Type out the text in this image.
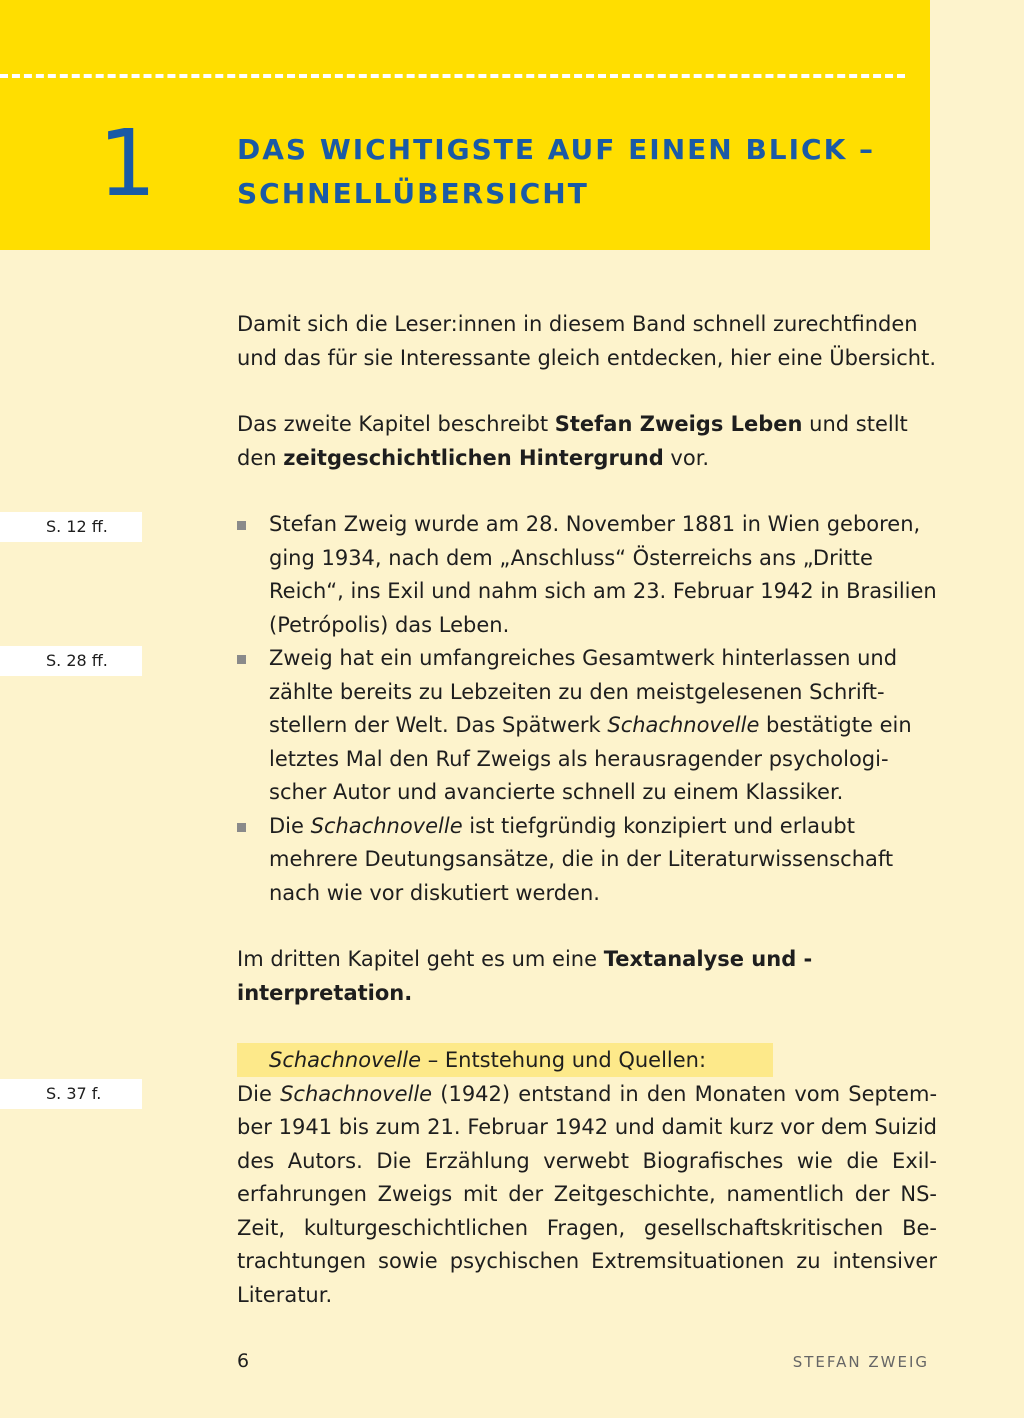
1	DAS WICHTIGSTE AUF EINEN BLICK –
SCHNELLÜBERSICHT
S. 12 ff.
S. 28 ff.
S. 37 f.

Damit sich die Leser:innen in diesem Band schnell zurechtfinden und das für sie Interessante gleich entdecken, hier eine Übersicht.

Das zweite Kapitel beschreibt Stefan Zweigs Leben und stellt den zeitgeschichtlichen Hintergrund vor.

Stefan Zweig wurde am 28. November 1881 in Wien geboren, ging 1934, nach dem „Anschluss“ Österreichs ans „Dritte Reich“, ins Exil und nahm sich am 23. Februar 1942 in Brasilien (Petrópolis) das Leben.
Zweig hat ein umfangreiches Gesamtwerk hinterlassen und zählte bereits zu Lebzeiten zu den meistgelesenen Schriftstellern der Welt. Das Spätwerk Schachnovelle bestätigte ein letztes Mal den Ruf Zweigs als herausragender psychologischer Autor und avancierte schnell zu einem Klassiker.
Die Schachnovelle ist tiefgründig konzipiert und erlaubt mehrere Deutungsansätze, die in der Literaturwissenschaft nach wie vor diskutiert werden.

Im dritten Kapitel geht es um eine Textanalyse und -interpretation.

Schachnovelle – Entstehung und Quellen:

Die Schachnovelle (1942) entstand in den Monaten vom September 1941 bis zum 21. Februar 1942 und damit kurz vor dem Suizid des Autors. Die Erzählung verwebt Biografisches wie die Exilerfahrungen Zweigs mit der Zeitgeschichte, namentlich der NS-Zeit, kulturgeschichtlichen Fragen, gesellschaftskritischen Betrachtungen sowie psychischen Extremsituationen zu intensiver Literatur.

6	STEFAN ZWEIG
